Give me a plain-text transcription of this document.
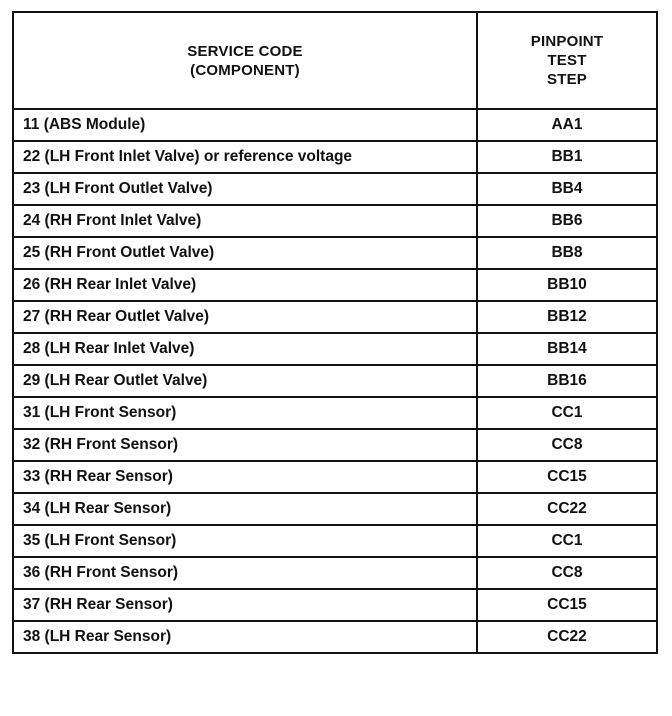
SERVICE CODE
(COMPONENT)	PINPOINT
TEST
STEP

11 (ABS Module)	AA1
22 (LH Front Inlet Valve) or reference voltage	BB1
23 (LH Front Outlet Valve)	BB4
24 (RH Front Inlet Valve)	BB6
25 (RH Front Outlet Valve)	BB8
26 (RH Rear Inlet Valve)	BB10
27 (RH Rear Outlet Valve)	BB12
28 (LH Rear Inlet Valve)	BB14
29 (LH Rear Outlet Valve)	BB16
31 (LH Front Sensor)	CC1
32 (RH Front Sensor)	CC8
33 (RH Rear Sensor)	CC15
34 (LH Rear Sensor)	CC22
35 (LH Front Sensor)	CC1
36 (RH Front Sensor)	CC8
37 (RH Rear Sensor)	CC15
38 (LH Rear Sensor)	CC22
